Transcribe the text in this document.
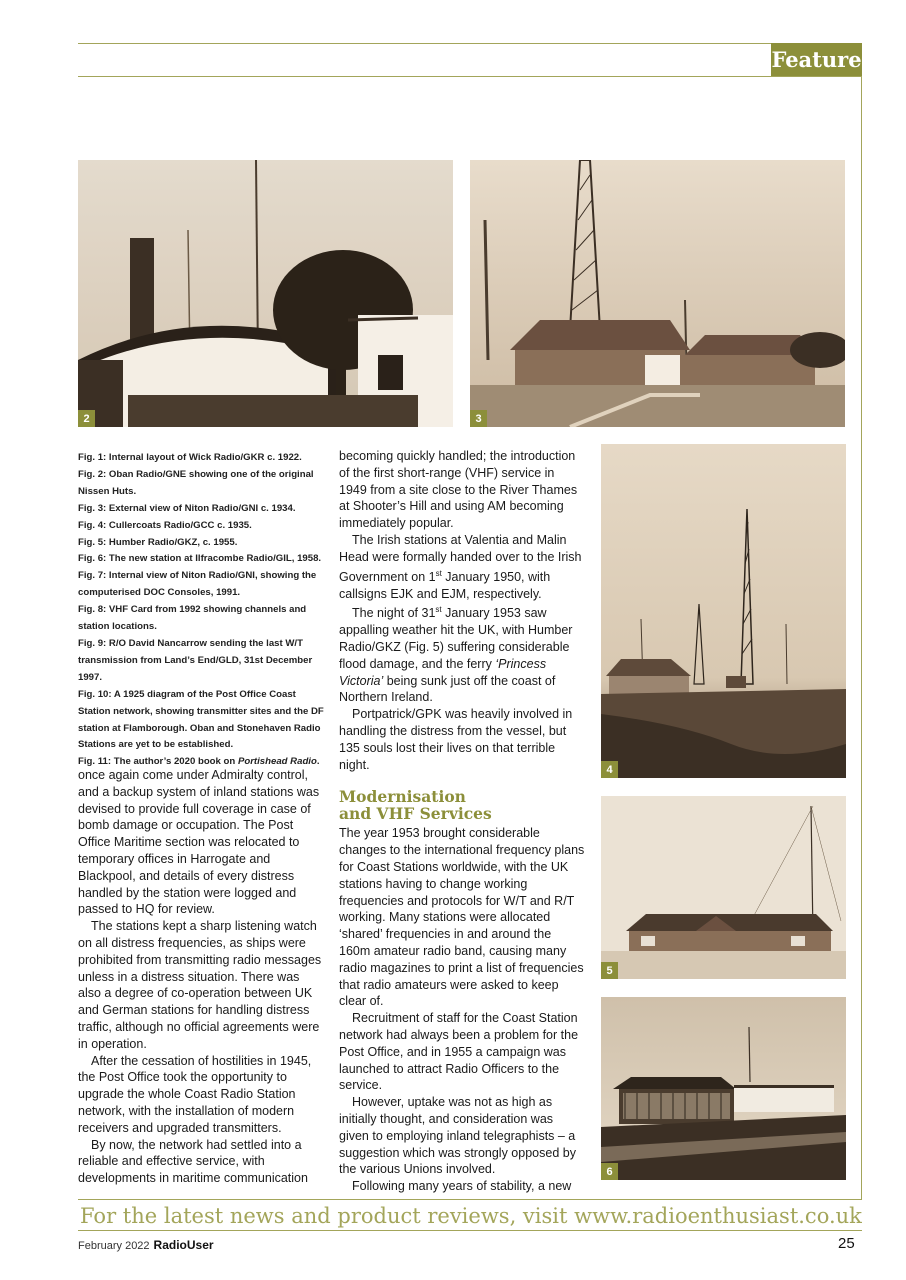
Feature
2	3
4
5
6
Fig. 1: Internal layout of Wick Radio/GKR c. 1922.
Fig. 2: Oban Radio/GNE showing one of the original Nissen Huts.
Fig. 3: External view of Niton Radio/GNI c. 1934.
Fig. 4: Cullercoats Radio/GCC c. 1935.
Fig. 5: Humber Radio/GKZ, c. 1955.
Fig. 6: The new station at Ilfracombe Radio/GIL, 1958.
Fig. 7: Internal view of Niton Radio/GNI, showing the computerised DOC Consoles, 1991.
Fig. 8: VHF Card from 1992 showing channels and station locations.
Fig. 9: R/O David Nancarrow sending the last W/T transmission from Land’s End/GLD, 31st December 1997.
Fig. 10: A 1925 diagram of the Post Office Coast Station network, showing transmitter sites and the DF station at Flamborough. Oban and Stonehaven Radio Stations are yet to be established.
Fig. 11: The author’s 2020 book on Portishead Radio.

once again come under Admiralty control, and a backup system of inland stations was devised to provide full coverage in case of bomb damage or occupation. The Post Office Maritime section was relocated to temporary offices in Harrogate and Blackpool, and details of every distress handled by the station were logged and passed to HQ for review.

The stations kept a sharp listening watch on all distress frequencies, as ships were prohibited from transmitting radio messages unless in a distress situation. There was also a degree of co-operation between UK and German stations for handling distress traffic, although no official agreements were in operation.

After the cessation of hostilities in 1945, the Post Office took the opportunity to upgrade the whole Coast Radio Station network, with the installation of modern receivers and upgraded transmitters.

By now, the network had settled into a reliable and effective service, with developments in maritime communication

becoming quickly handled; the introduction of the first short-range (VHF) service in 1949 from a site close to the River Thames at Shooter’s Hill and using AM becoming immediately popular.

The Irish stations at Valentia and Malin Head were formally handed over to the Irish Government on 1st January 1950, with callsigns EJK and EJM, respectively.

The night of 31st January 1953 saw appalling weather hit the UK, with Humber Radio/GKZ (Fig. 5) suffering considerable flood damage, and the ferry ‘Princess Victoria’ being sunk just off the coast of Northern Ireland.

Portpatrick/GPK was heavily involved in handling the distress from the vessel, but 135 souls lost their lives on that terrible night.

Modernisation
and VHF Services

The year 1953 brought considerable changes to the international frequency plans for Coast Stations worldwide, with the UK stations having to change working frequencies and protocols for W/T and R/T working. Many stations were allocated ‘shared’ frequencies in and around the 160m amateur radio band, causing many radio magazines to print a list of frequencies that radio amateurs were asked to keep clear of.

Recruitment of staff for the Coast Station network had always been a problem for the Post Office, and in 1955 a campaign was launched to attract Radio Officers to the service.

However, uptake was not as high as initially thought, and consideration was given to employing inland telegraphists – a suggestion which was strongly opposed by the various Unions involved.

Following many years of stability, a new

For the latest news and product reviews, visit www.radioenthusiast.co.uk
February 2022 RadioUser	25
